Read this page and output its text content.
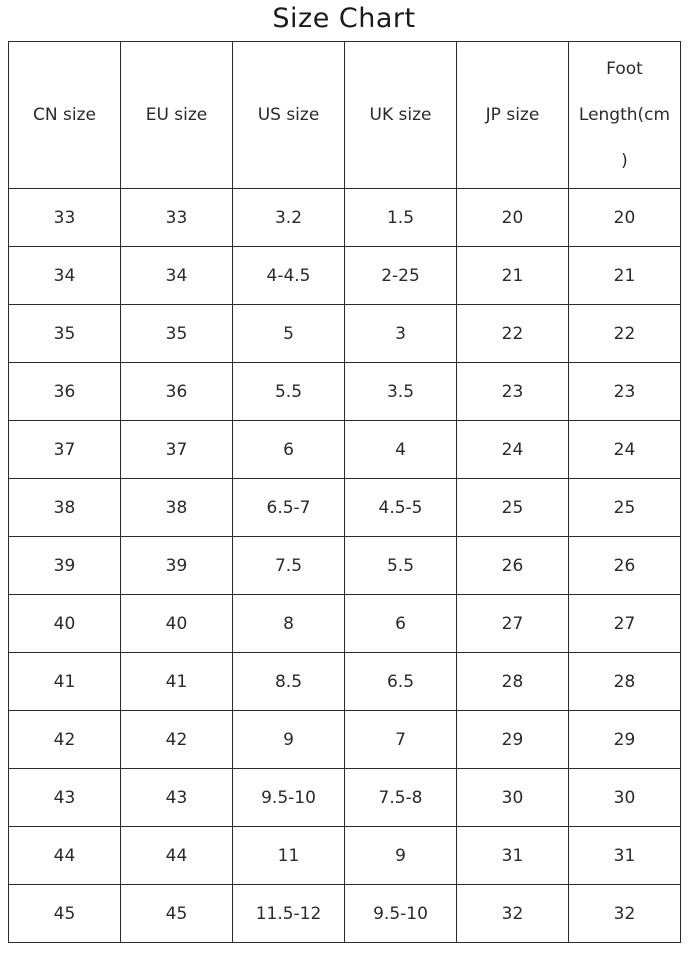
Size Chart
CN size	EU size	US size	UK size	JP size	Foot
Length(cm
)

33	33	3.2	1.5	20	20
34	34	4-4.5	2-25	21	21
35	35	5	3	22	22
36	36	5.5	3.5	23	23
37	37	6	4	24	24
38	38	6.5-7	4.5-5	25	25
39	39	7.5	5.5	26	26
40	40	8	6	27	27
41	41	8.5	6.5	28	28
42	42	9	7	29	29
43	43	9.5-10	7.5-8	30	30
44	44	11	9	31	31
45	45	11.5-12	9.5-10	32	32
